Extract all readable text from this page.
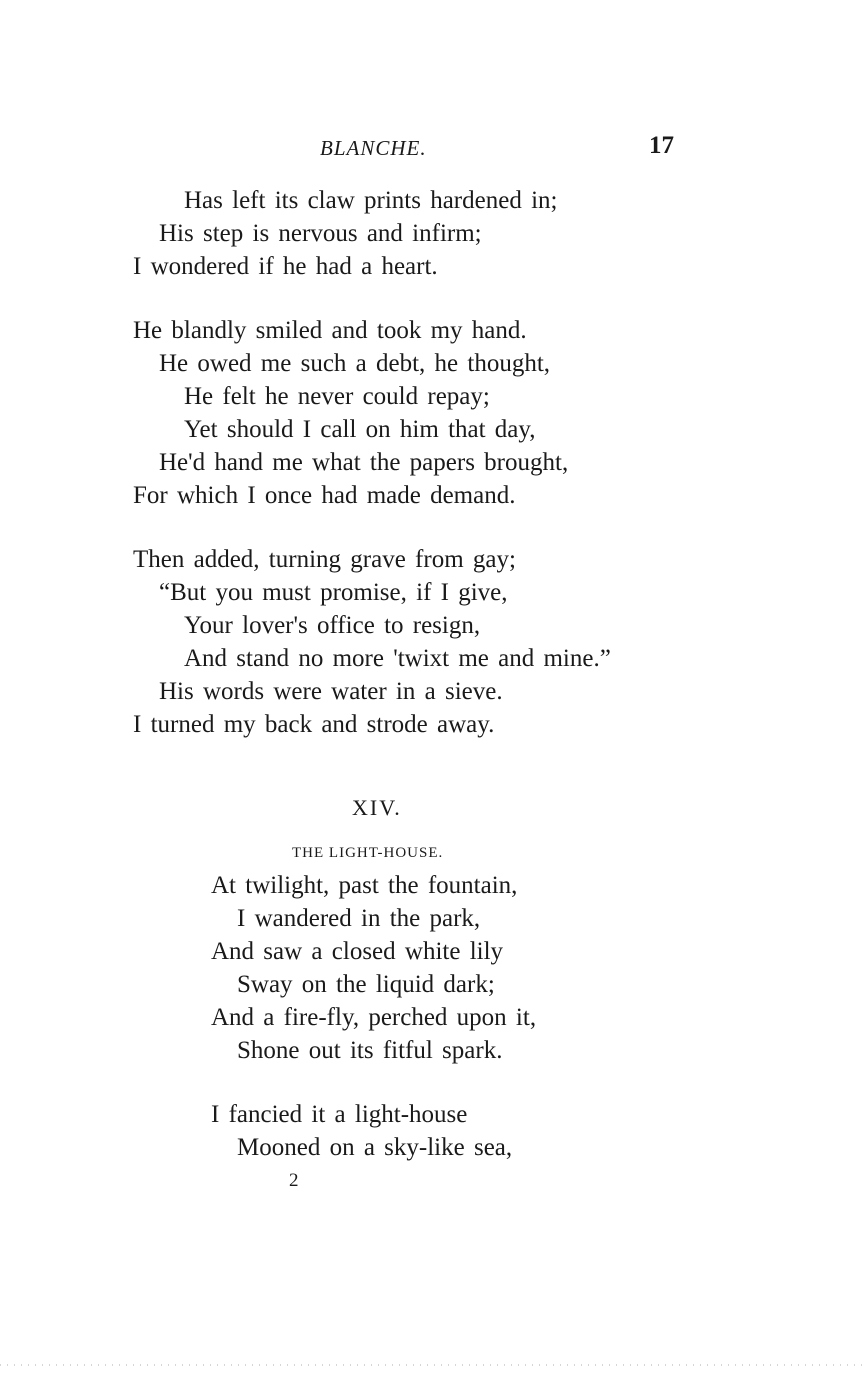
BLANCHE.	17
Has left its claw prints hardened in;
His step is nervous and infirm;
I wondered if he had a heart.
He blandly smiled and took my hand.
He owed me such a debt, he thought,
He felt he never could repay;
Yet should I call on him that day,
He'd hand me what the papers brought,
For which I once had made demand.
Then added, turning grave from gay;
“But you must promise, if I give,
Your lover's office to resign,
And stand no more 'twixt me and mine.”
His words were water in a sieve.
I turned my back and strode away.
XIV.
THE LIGHT-HOUSE.
At twilight, past the fountain,
I wandered in the park,
And saw a closed white lily
Sway on the liquid dark;
And a fire-fly, perched upon it,
Shone out its fitful spark.
I fancied it a light-house
Mooned on a sky-like sea,
2
